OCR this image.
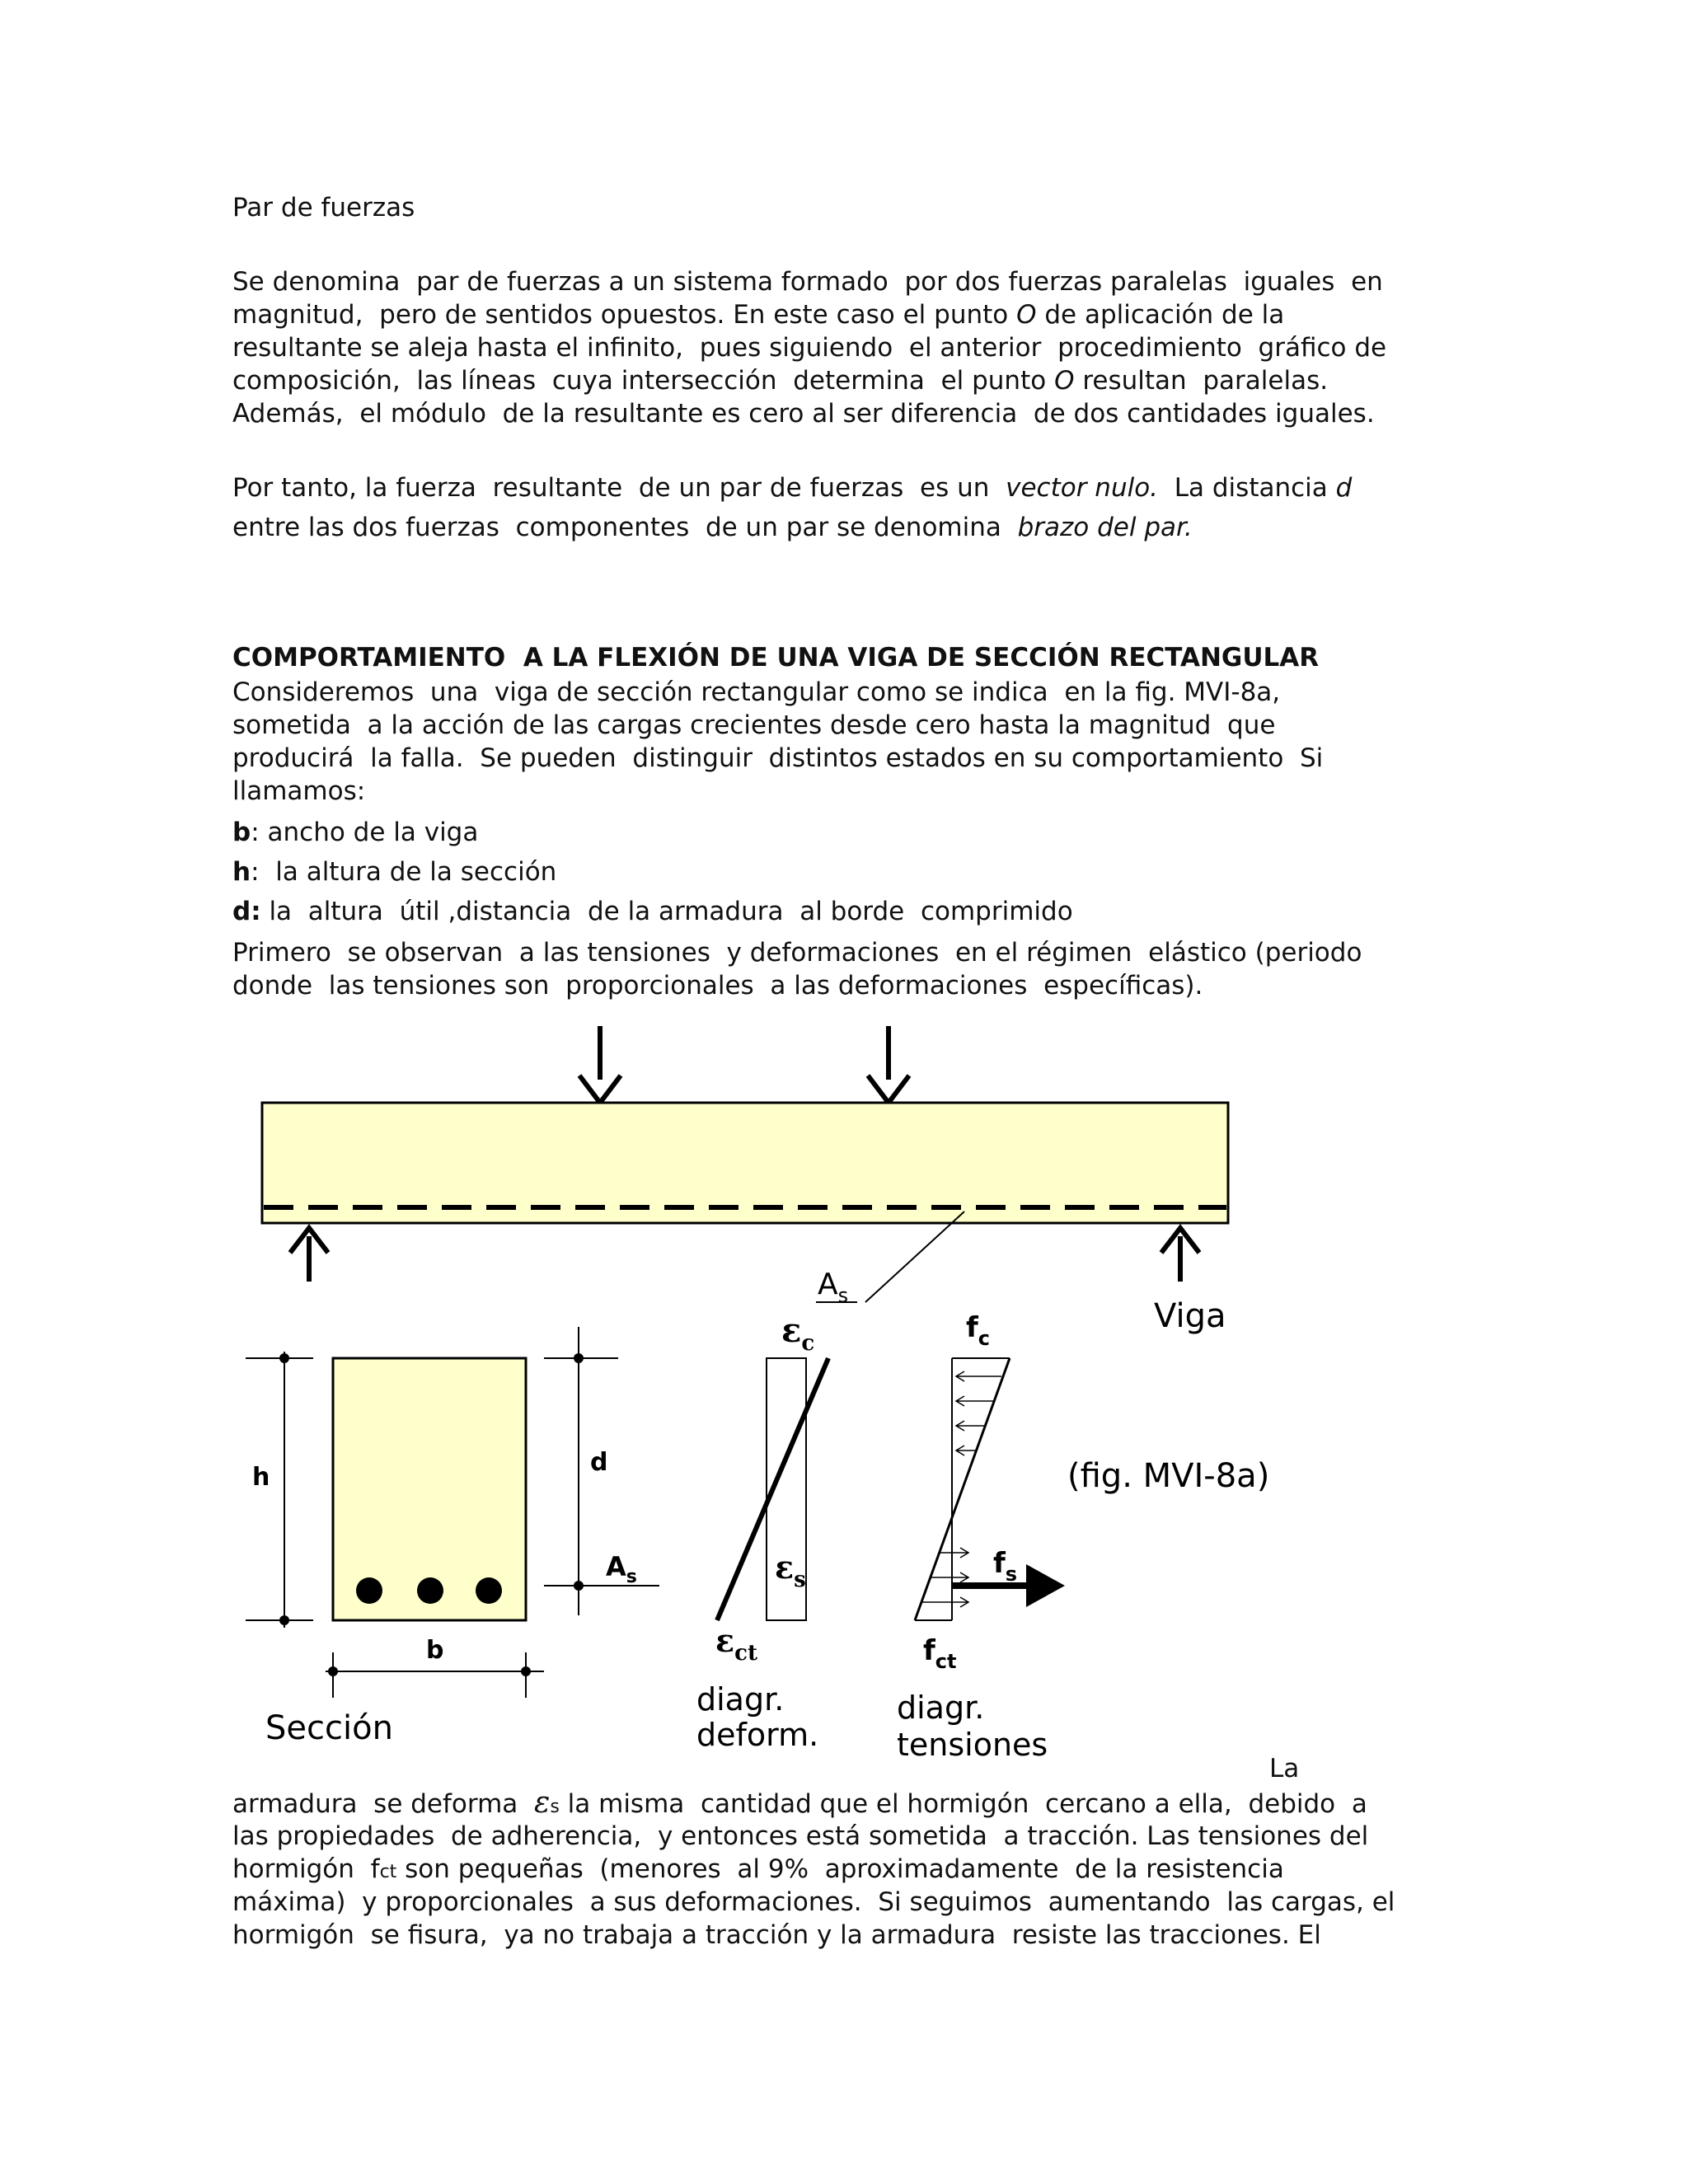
Par de fuerzas
Se denomina  par de fuerzas a un sistema formado  por dos fuerzas paralelas  iguales  en
magnitud,  pero de sentidos opuestos. En este caso el punto O de aplicación de la
resultante se aleja hasta el infinito,  pues siguiendo  el anterior  procedimiento  gráfico de
composición,  las líneas  cuya intersección  determina  el punto O resultan  paralelas.
Además,  el módulo  de la resultante es cero al ser diferencia  de dos cantidades iguales.
Por tanto, la fuerza  resultante  de un par de fuerzas  es un vector nulo. La distancia d
entre las dos fuerzas  componentes  de un par se denomina brazo del par.
COMPORTAMIENTO  A LA FLEXIÓN DE UNA VIGA DE SECCIÓN RECTANGULAR
Consideremos  una  viga de sección rectangular como se indica  en la fig. MVI-8a,
sometida  a la acción de las cargas crecientes desde cero hasta la magnitud  que
producirá  la falla.  Se pueden  distinguir  distintos estados en su comportamiento  Si
llamamos:
b: ancho de la viga
h:  la altura de la sección
d: la  altura  útil ,distancia  de la armadura  al borde  comprimido
Primero  se observan  a las tensiones  y deformaciones  en el régimen  elástico (periodo
donde  las tensiones son  proporcionales  a las deformaciones  específicas).
$A_s$
Viga
h
d
$A_s$
b
Sección
$\varepsilon_c$
$\varepsilon_s$
$\varepsilon_{ct}$
diagr.
deform.
$f_c$
$f_s$
$f_{ct}$
diagr.
tensiones
(fig. MVI-8a)
La
armadura  se deforma εs la misma  cantidad que el hormigón  cercano a ella,  debido  a
las propiedades  de adherencia,  y entonces está sometida  a tracción. Las tensiones del
hormigón fct son pequeñas  (menores  al 9%  aproximadamente  de la resistencia
máxima)  y proporcionales  a sus deformaciones.  Si seguimos  aumentando  las cargas, el
hormigón  se fisura,  ya no trabaja a tracción y la armadura  resiste las tracciones. El
